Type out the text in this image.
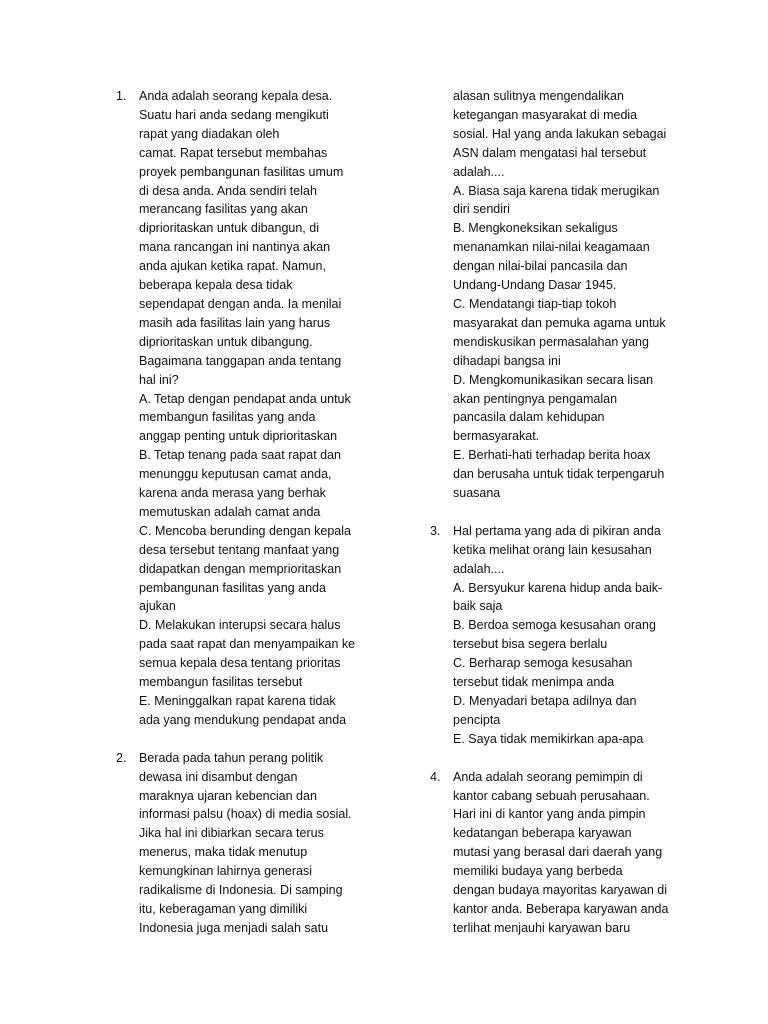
1. Anda adalah seorang kepala desa.
Suatu hari anda sedang mengikuti
rapat yang diadakan oleh
camat. Rapat tersebut membahas
proyek pembangunan fasilitas umum
di desa anda. Anda sendiri telah
merancang fasilitas yang akan
diprioritaskan untuk dibangun, di
mana rancangan ini nantinya akan
anda ajukan ketika rapat. Namun,
beberapa kepala desa tidak
sependapat dengan anda. Ia menilai
masih ada fasilitas lain yang harus
diprioritaskan untuk dibangung.
Bagaimana tanggapan anda tentang
hal ini?
A. Tetap dengan pendapat anda untuk
membangun fasilitas yang anda
anggap penting untuk diprioritaskan
B. Tetap tenang pada saat rapat dan
menunggu keputusan camat anda,
karena anda merasa yang berhak
memutuskan adalah camat anda
C. Mencoba berunding dengan kepala
desa tersebut tentang manfaat yang
didapatkan dengan memprioritaskan
pembangunan fasilitas yang anda
ajukan
D. Melakukan interupsi secara halus
pada saat rapat dan menyampaikan ke
semua kepala desa tentang prioritas
membangun fasilitas tersebut
E. Meninggalkan rapat karena tidak
ada yang mendukung pendapat anda
2. Berada pada tahun perang politik
dewasa ini disambut dengan
maraknya ujaran kebencian dan
informasi palsu (hoax) di media sosial.
Jika hal ini dibiarkan secara terus
menerus, maka tidak menutup
kemungkinan lahirnya generasi
radikalisme di Indonesia. Di samping
itu, keberagaman yang dimiliki
Indonesia juga menjadi salah satu
alasan sulitnya mengendalikan
ketegangan masyarakat di media
sosial. Hal yang anda lakukan sebagai
ASN dalam mengatasi hal tersebut
adalah....
A. Biasa saja karena tidak merugikan
diri sendiri
B. Mengkoneksikan sekaligus
menanamkan nilai-nilai keagamaan
dengan nilai-bilai pancasila dan
Undang-Undang Dasar 1945.
C. Mendatangi tiap-tiap tokoh
masyarakat dan pemuka agama untuk
mendiskusikan permasalahan yang
dihadapi bangsa ini
D. Mengkomunikasikan secara lisan
akan pentingnya pengamalan
pancasila dalam kehidupan
bermasyarakat.
E. Berhati-hati terhadap berita hoax
dan berusaha untuk tidak terpengaruh
suasana
3. Hal pertama yang ada di pikiran anda
ketika melihat orang lain kesusahan
adalah....
A. Bersyukur karena hidup anda baik-
baik saja
B. Berdoa semoga kesusahan orang
tersebut bisa segera berlalu
C. Berharap semoga kesusahan
tersebut tidak menimpa anda
D. Menyadari betapa adilnya dan
pencipta
E. Saya tidak memikirkan apa-apa
4. Anda adalah seorang pemimpin di
kantor cabang sebuah perusahaan.
Hari ini di kantor yang anda pimpin
kedatangan beberapa karyawan
mutasi yang berasal dari daerah yang
memiliki budaya yang berbeda
dengan budaya mayoritas karyawan di
kantor anda. Beberapa karyawan anda
terlihat menjauhi karyawan baru
